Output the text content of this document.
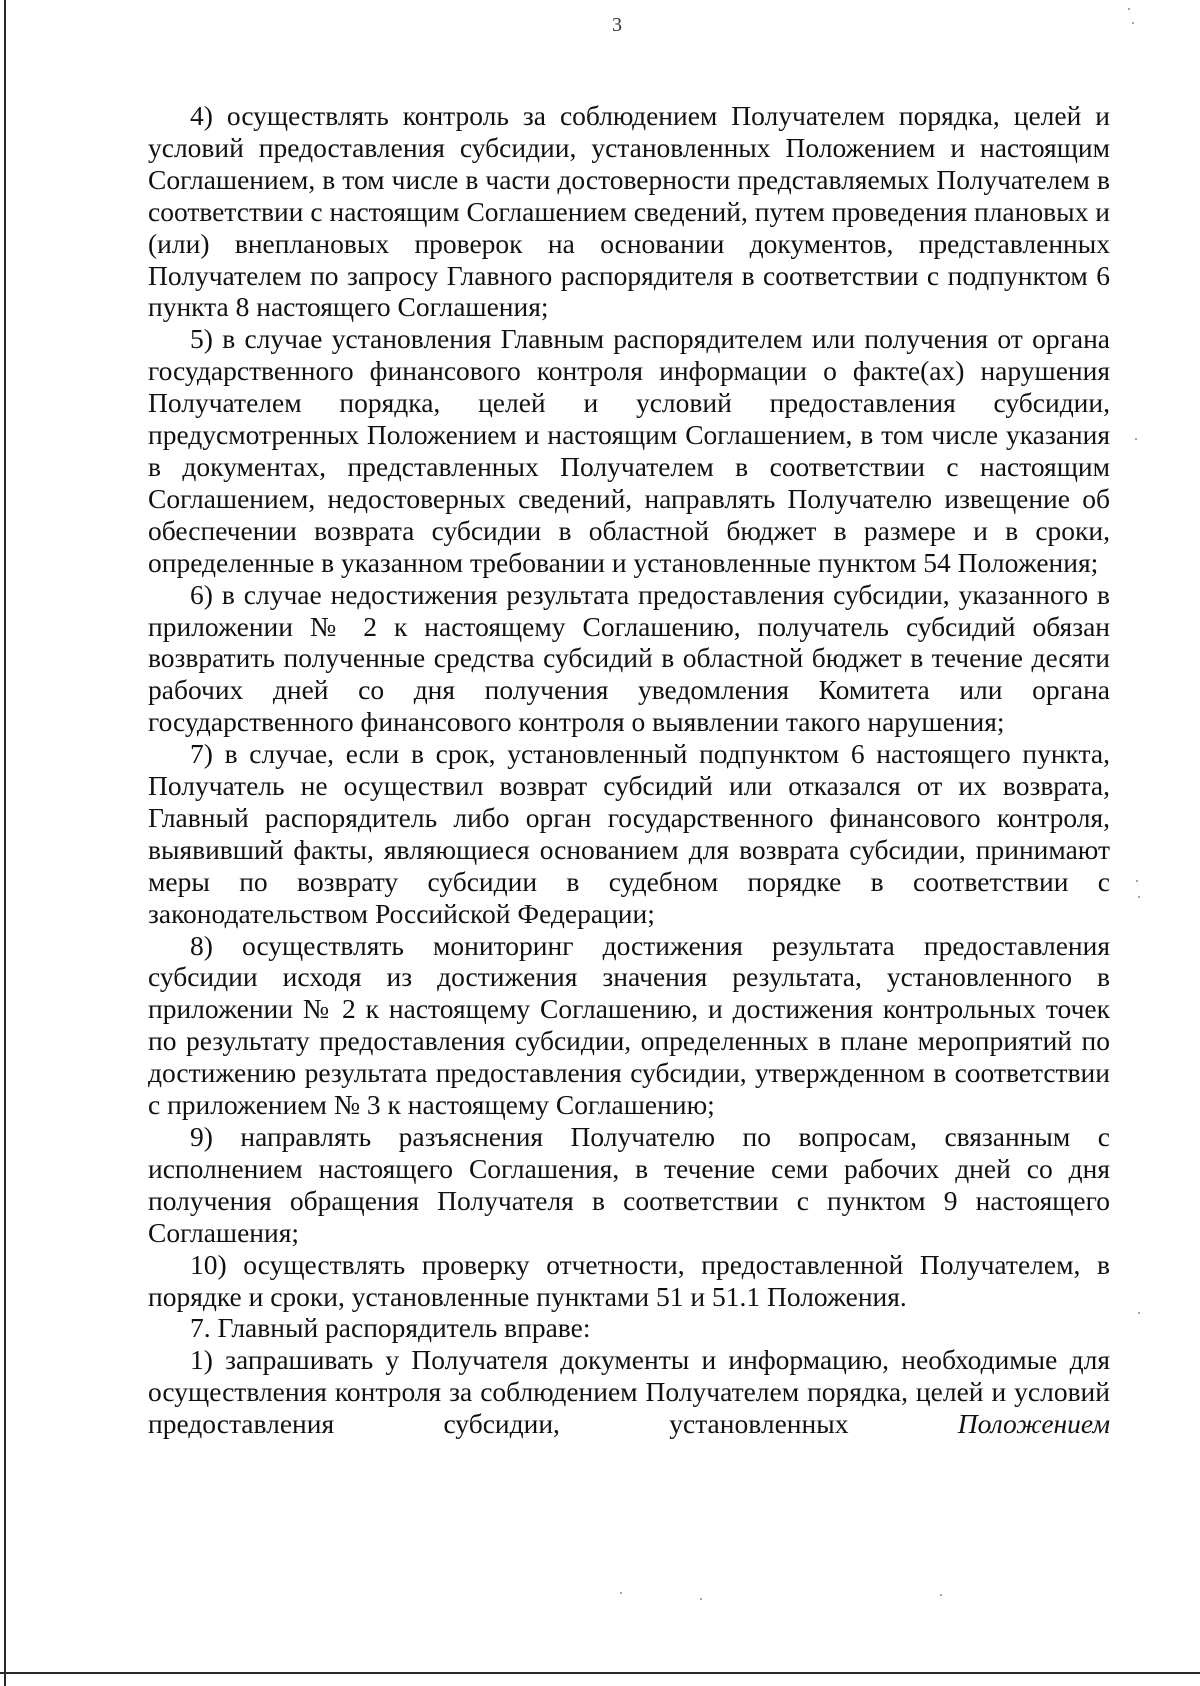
3

4) осуществлять контроль за соблюдением Получателем порядка, целей и условий предоставления субсидии, установленных Положением и настоящим Соглашением, в том числе в части достоверности представляемых Получателем в соответствии с настоящим Соглашением сведений, путем проведения плановых и (или) внеплановых проверок на основании документов, представленных Получателем по запросу Главного распорядителя в соответствии с подпунктом 6 пункта 8 настоящего Соглашения;

5) в случае установления Главным распорядителем или получения от органа государственного финансового контроля информации о факте(ах) нарушения Получателем порядка, целей и условий предоставления субсидии, предусмотренных Положением и настоящим Соглашением, в том числе указания в документах, представленных Получателем в соответствии с настоящим Соглашением, недостоверных сведений, направлять Получателю извещение об обеспечении возврата субсидии в областной бюджет в размере и в сроки, определенные в указанном требовании и установленные пунктом 54 Положения;

6) в случае недостижения результата предоставления субсидии, указанного в приложении № 2 к настоящему Соглашению, получатель субсидий обязан возвратить полученные средства субсидий в областной бюджет в течение десяти рабочих дней со дня получения уведомления Комитета или органа государственного финансового контроля о выявлении такого нарушения;

7) в случае, если в срок, установленный подпунктом 6 настоящего пункта, Получатель не осуществил возврат субсидий или отказался от их возврата, Главный распорядитель либо орган государственного финансового контроля, выявивший факты, являющиеся основанием для возврата субсидии, принимают меры по возврату субсидии в судебном порядке в соответствии с законодательством Российской Федерации;

8) осуществлять мониторинг достижения результата предоставления субсидии исходя из достижения значения результата, установленного в приложении № 2 к настоящему Соглашению, и достижения контрольных точек по результату предоставления субсидии, определенных в плане мероприятий по достижению результата предоставления субсидии, утвержденном в соответствии с приложением № 3 к настоящему Соглашению;

9) направлять разъяснения Получателю по вопросам, связанным с исполнением настоящего Соглашения, в течение семи рабочих дней со дня получения обращения Получателя в соответствии с пунктом 9 настоящего Соглашения;

10) осуществлять проверку отчетности, предоставленной Получателем, в порядке и сроки, установленные пунктами 51 и 51.1 Положения.

7. Главный распорядитель вправе:

1) запрашивать у Получателя документы и информацию, необходимые для осуществления контроля за соблюдением Получателем порядка, целей и условий предоставления субсидии, установленных	Положением
